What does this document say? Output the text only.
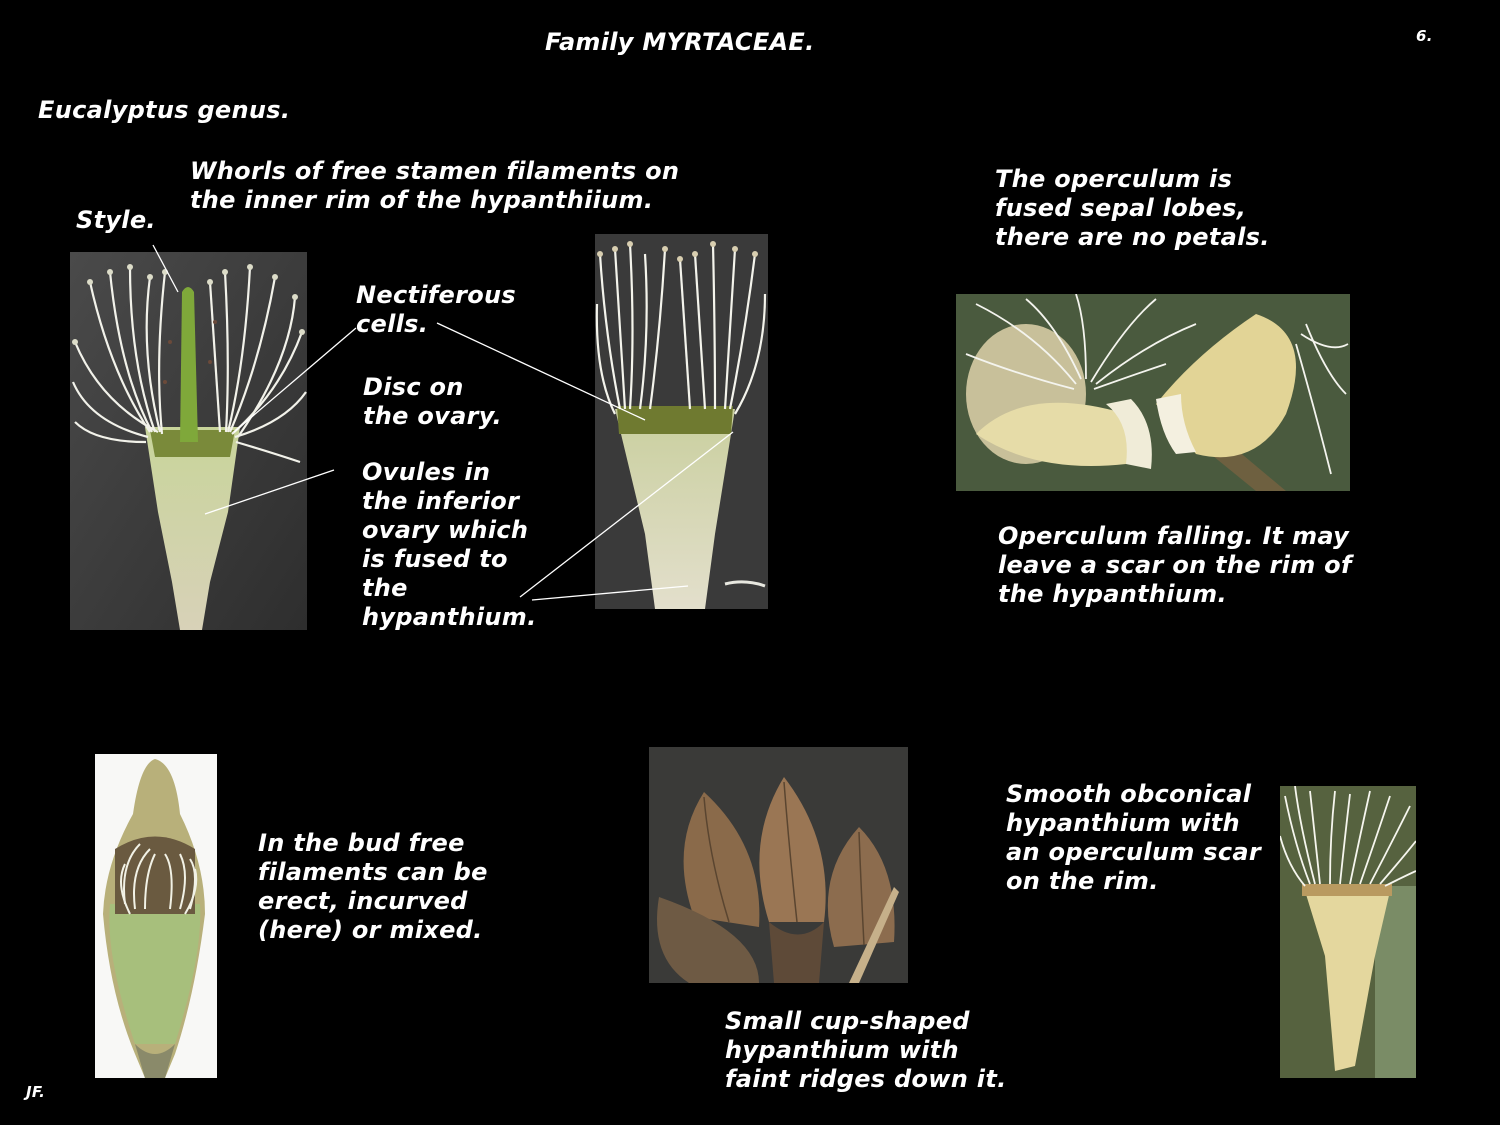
Family MYRTACEAE.	6.
Eucalyptus genus.
Whorls of free stamen filaments on
the inner rim of the hypanthiium.
Style.
Nectiferous
cells.
Disc on
the ovary.
Ovules in
the inferior
ovary which
is fused to
the
hypanthium.
The operculum is
fused sepal lobes,
there are no petals.
Operculum falling. It may
leave a scar on the rim of
the hypanthium.
In the bud free
filaments can be
erect, incurved
(here) or mixed.
Small cup-shaped
hypanthium with
faint ridges down it.
Smooth obconical
hypanthium with
an operculum scar
on the rim.
JF.
